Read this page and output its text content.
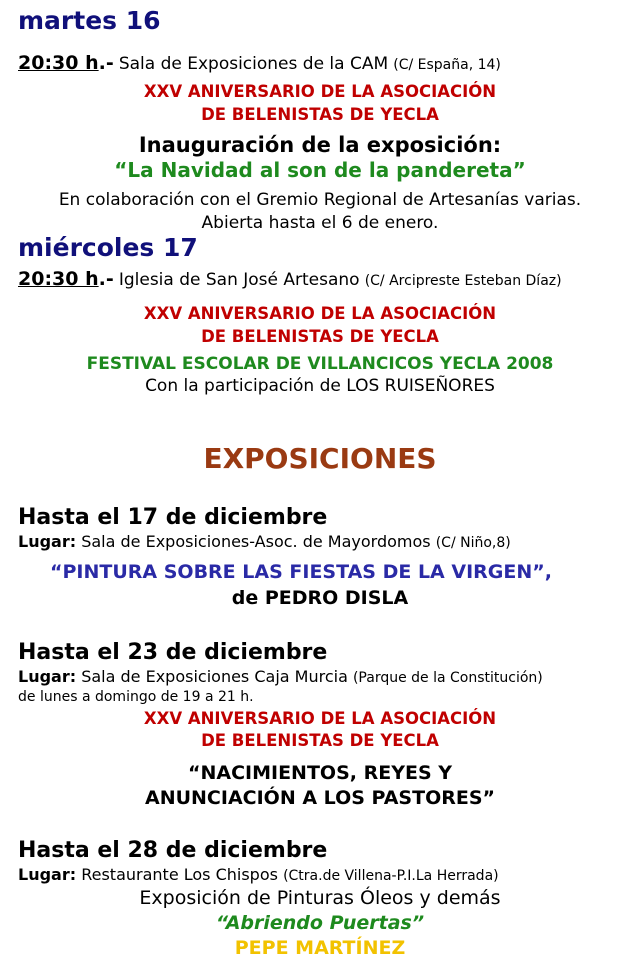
martes 16
20:30 h.- Sala de Exposiciones de la CAM (C/ España, 14)
XXV ANIVERSARIO DE LA ASOCIACIÓN
DE BELENISTAS DE YECLA
Inauguración de la exposición:
“La Navidad al son de la pandereta”
En colaboración con el Gremio Regional de Artesanías varias.
Abierta hasta el 6 de enero.
miércoles 17
20:30 h.- Iglesia de San José Artesano (C/ Arcipreste Esteban Díaz)
XXV ANIVERSARIO DE LA ASOCIACIÓN
DE BELENISTAS DE YECLA
FESTIVAL ESCOLAR DE VILLANCICOS YECLA 2008
Con la participación de LOS RUISEÑORES
EXPOSICIONES
Hasta el 17 de diciembre
Lugar: Sala de Exposiciones-Asoc. de Mayordomos (C/ Niño,8)
“PINTURA SOBRE LAS FIESTAS DE LA VIRGEN”,
de PEDRO DISLA
Hasta el 23 de diciembre
Lugar: Sala de Exposiciones Caja Murcia (Parque de la Constitución)
de lunes a domingo de 19 a 21 h.
XXV ANIVERSARIO DE LA ASOCIACIÓN
DE BELENISTAS DE YECLA
“NACIMIENTOS, REYES Y
ANUNCIACIÓN A LOS PASTORES”
Hasta el 28 de diciembre
Lugar: Restaurante Los Chispos (Ctra.de Villena-P.I.La Herrada)
Exposición de Pinturas Óleos y demás
“Abriendo Puertas”
PEPE MARTÍNEZ
